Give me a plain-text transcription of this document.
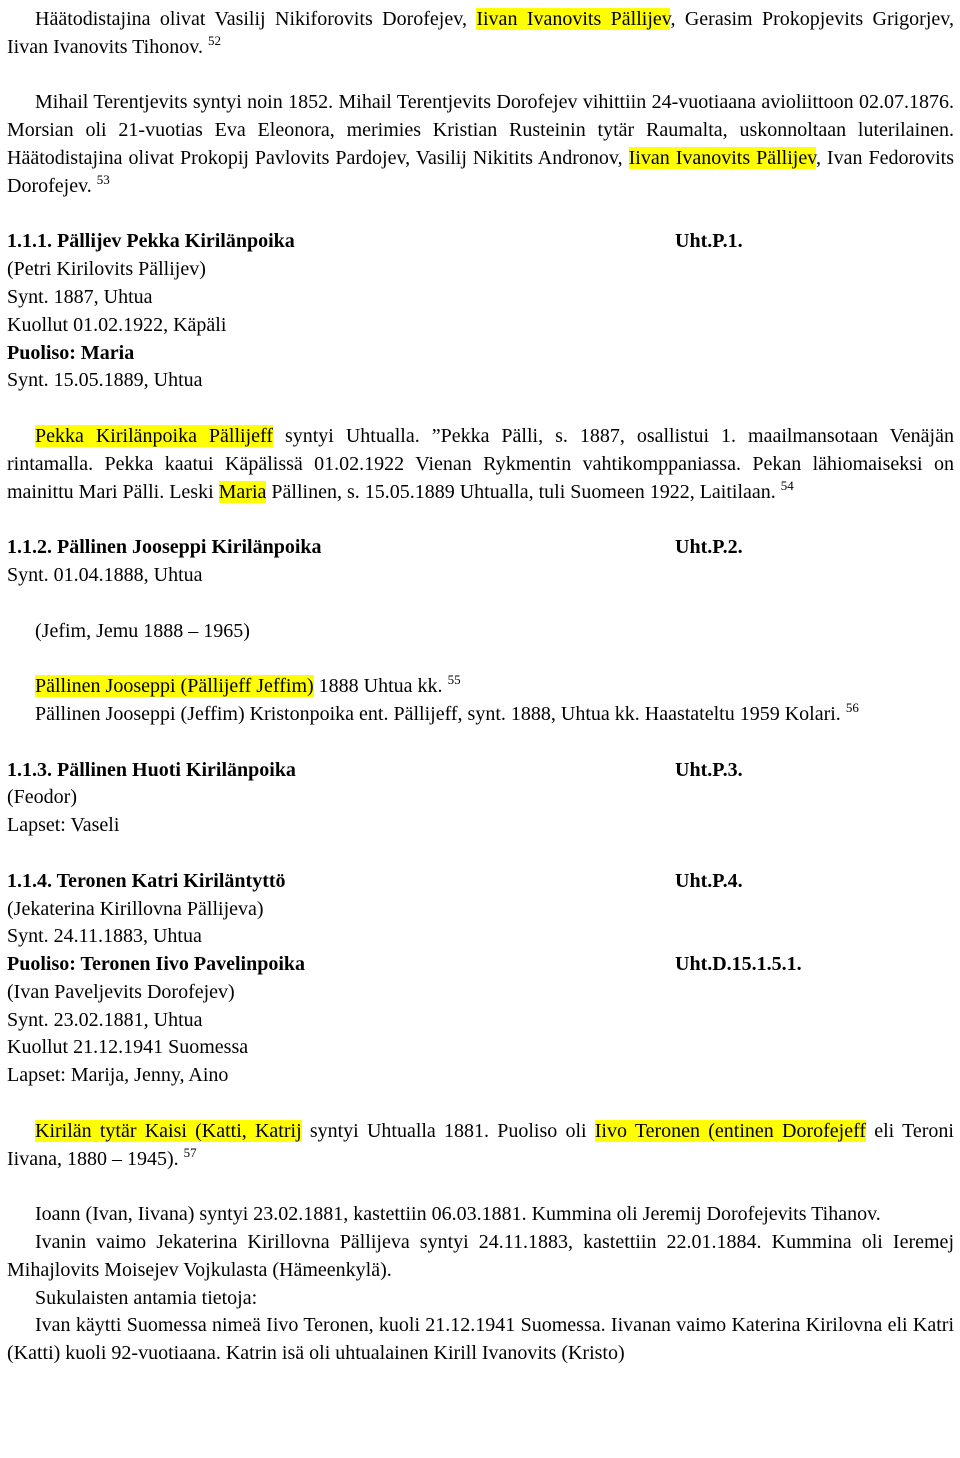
Häätodistajina olivat Vasilij Nikiforovits Dorofejev, Iivan Ivanovits Pällijev, Gerasim Prokopjevits Grigorjev, Iivan Ivanovits Tihonov. $^{52}$

Mihail Terentjevits syntyi noin 1852. Mihail Terentjevits Dorofejev vihittiin 24-vuotiaana avioliittoon 02.07.1876. Morsian oli 21-vuotias Eva Eleonora, merimies Kristian Rusteinin tytär Raumalta, uskonnoltaan luterilainen. Häätodistajina olivat Prokopij Pavlovits Pardojev, Vasilij Nikitits Andronov, Iivan Ivanovits Pällijev, Ivan Fedorovits Dorofejev. $^{53}$

1.1.1. Pällijev Pekka Kirilänpoika	Uht.P.1.
(Petri Kirilovits Pällijev)
Synt. 1887, Uhtua
Kuollut 01.02.1922, Käpäli
Puoliso: Maria
Synt. 15.05.1889, Uhtua

Pekka Kirilänpoika Pällijeff syntyi Uhtualla. ”Pekka Pälli, s. 1887, osallistui 1. maailmansotaan Venäjän rintamalla. Pekka kaatui Käpälissä 01.02.1922 Vienan Rykmentin vahtikomppaniassa. Pekan lähiomaiseksi on mainittu Mari Pälli. Leski Maria Pällinen, s. 15.05.1889 Uhtualla, tuli Suomeen 1922, Laitilaan. $^{54}$

1.1.2. Pällinen Jooseppi Kirilänpoika	Uht.P.2.
Synt. 01.04.1888, Uhtua

(Jefim, Jemu 1888 – 1965)

Pällinen Jooseppi (Pällijeff Jeffim) 1888 Uhtua kk. $^{55}$

Pällinen Jooseppi (Jeffim) Kristonpoika ent. Pällijeff, synt. 1888, Uhtua kk. Haastateltu 1959 Kolari. $^{56}$

1.1.3. Pällinen Huoti Kirilänpoika	Uht.P.3.
(Feodor)
Lapset: Vaseli
1.1.4. Teronen Katri Kiriläntyttö	Uht.P.4.
(Jekaterina Kirillovna Pällijeva)
Synt. 24.11.1883, Uhtua
Puoliso: Teronen Iivo Pavelinpoika	Uht.D.15.1.5.1.
(Ivan Paveljevits Dorofejev)
Synt. 23.02.1881, Uhtua
Kuollut 21.12.1941 Suomessa
Lapset: Marija, Jenny, Aino

Kirilän tytär Kaisi (Katti, Katrij syntyi Uhtualla 1881. Puoliso oli Iivo Teronen (entinen Dorofejeff eli Teroni Iivana, 1880 – 1945). $^{57}$

Ioann (Ivan, Iivana) syntyi 23.02.1881, kastettiin 06.03.1881. Kummina oli Jeremij Dorofejevits Tihanov.

Ivanin vaimo Jekaterina Kirillovna Pällijeva syntyi 24.11.1883, kastettiin 22.01.1884. Kummina oli Ieremej Mihajlovits Moisejev Vojkulasta (Hämeenkylä).

Sukulaisten antamia tietoja:

Ivan käytti Suomessa nimeä Iivo Teronen, kuoli 21.12.1941 Suomessa. Iivanan vaimo Katerina Kirilovna eli Katri (Katti) kuoli 92-vuotiaana. Katrin isä oli uhtualainen Kirill Ivanovits (Kristo)
